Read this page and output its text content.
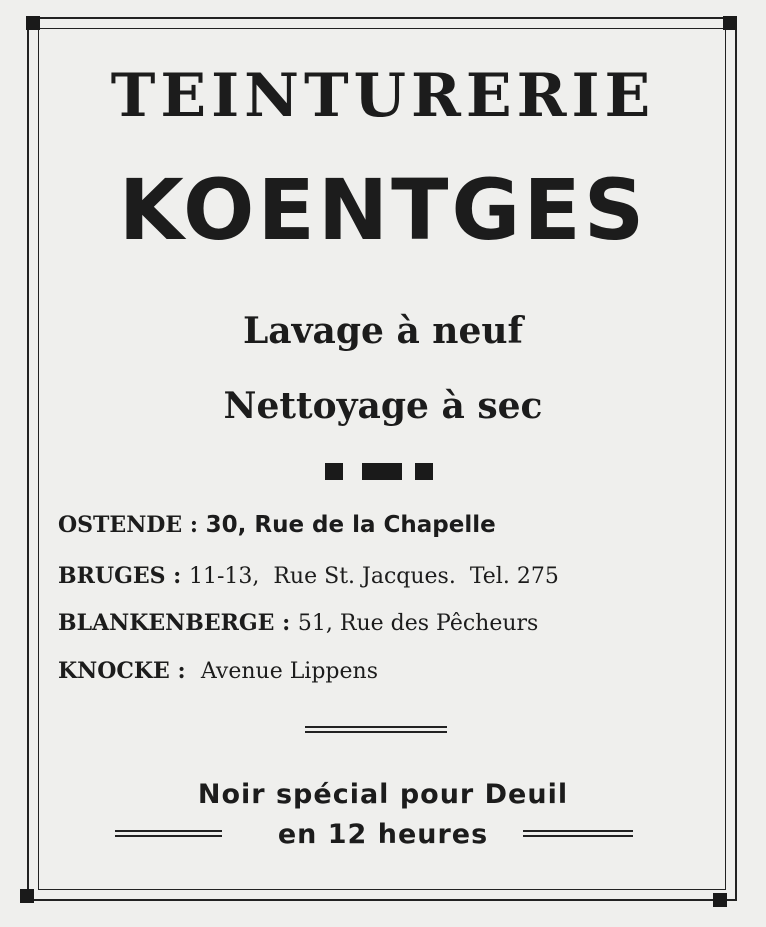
TEINTURERIE
KOENTGES
Lavage à neuf
Nettoyage à sec
OSTENDE : 30, Rue de la Chapelle
BRUGES : 11-13,  Rue St. Jacques.  Tel. 275
BLANKENBERGE : 51, Rue des Pêcheurs
KNOCKE :  Avenue Lippens
Noir spécial pour Deuil
en 12 heures
